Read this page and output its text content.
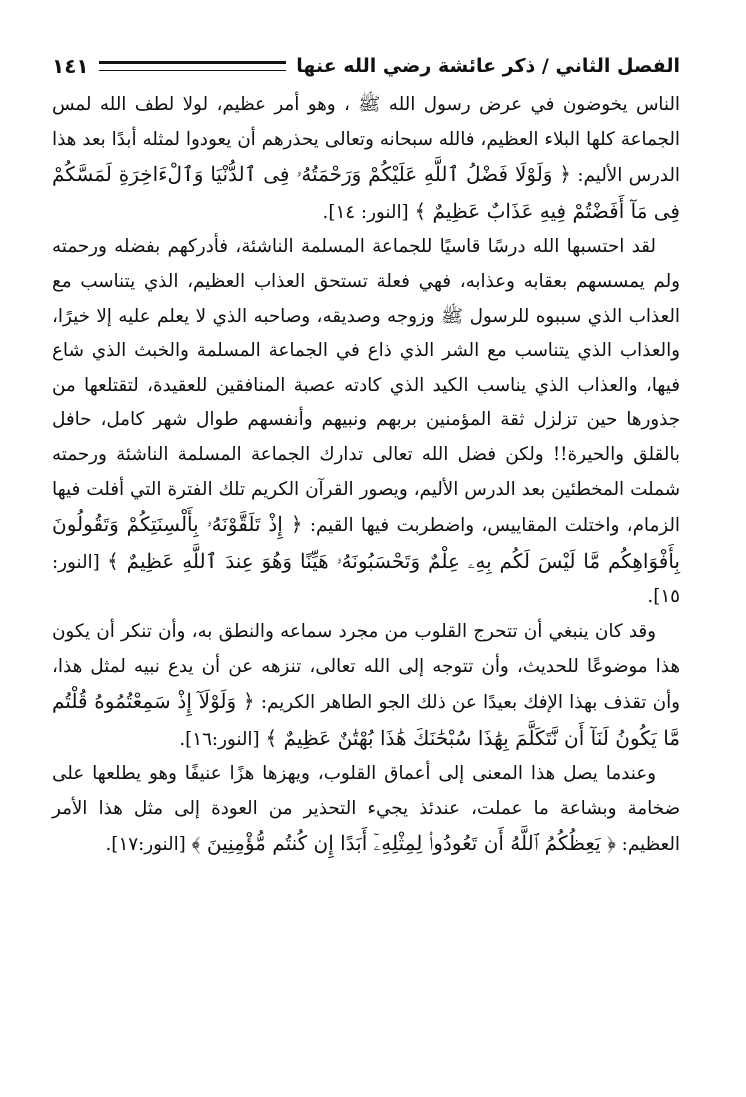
الفصل الثاني / ذكر عائشة رضي الله عنها
١٤١

الناس يخوضون في عرض رسول الله ﷺ ، وهو أمر عظيم، لولا لطف الله لمس الجماعة كلها البلاء العظيم، فالله سبحانه وتعالى يحذرهم أن يعودوا لمثله أبدًا بعد هذا الدرس الأليم: ﴿ وَلَوْلَا فَضْلُ ٱللَّهِ عَلَيْكُمْ وَرَحْمَتُهُۥ فِى ٱلدُّنْيَا وَٱلْءَاخِرَةِ لَمَسَّكُمْ فِى مَآ أَفَضْتُمْ فِيهِ عَذَابٌ عَظِيمٌ ﴾ [النور: ١٤].

لقد احتسبها الله درسًا قاسيًا للجماعة المسلمة الناشئة، فأدركهم بفضله ورحمته ولم يمسسهم بعقابه وعذابه، فهي فعلة تستحق العذاب العظيم، الذي يتناسب مع العذاب الذي سببوه للرسول ﷺ وزوجه وصديقه، وصاحبه الذي لا يعلم عليه إلا خيرًا، والعذاب الذي يتناسب مع الشر الذي ذاع في الجماعة المسلمة والخبث الذي شاع فيها، والعذاب الذي يناسب الكيد الذي كادته عصبة المنافقين للعقيدة، لتقتلعها من جذورها حين تزلزل ثقة المؤمنين بربهم ونبيهم وأنفسهم طوال شهر كامل، حافل بالقلق والحيرة!! ولكن فضل الله تعالى تدارك الجماعة المسلمة الناشئة ورحمته شملت المخطئين بعد الدرس الأليم، ويصور القرآن الكريم تلك الفترة التي أفلت فيها الزمام، واختلت المقاييس، واضطربت فيها القيم: ﴿ إِذْ تَلَقَّوْنَهُۥ بِأَلْسِنَتِكُمْ وَتَقُولُونَ بِأَفْوَاهِكُم مَّا لَيْسَ لَكُم بِهِۦ عِلْمٌ وَتَحْسَبُونَهُۥ هَيِّنًا وَهُوَ عِندَ ٱللَّهِ عَظِيمٌ ﴾ [النور: ١٥].

وقد كان ينبغي أن تتحرج القلوب من مجرد سماعه والنطق به، وأن تنكر أن يكون هذا موضوعًا للحديث، وأن تتوجه إلى الله تعالى، تنزهه عن أن يدع نبيه لمثل هذا، وأن تقذف بهذا الإفك بعيدًا عن ذلك الجو الطاهر الكريم: ﴿ وَلَوْلَآ إِذْ سَمِعْتُمُوهُ قُلْتُم مَّا يَكُونُ لَنَآ أَن نَّتَكَلَّمَ بِهَٰذَا سُبْحَٰنَكَ هَٰذَا بُهْتَٰنٌ عَظِيمٌ ﴾ [النور:١٦].

وعندما يصل هذا المعنى إلى أعماق القلوب، ويهزها هزًا عنيفًا وهو يطلعها على ضخامة وبشاعة ما عملت، عندئذ يجيء التحذير من العودة إلى مثل هذا الأمر العظيم: ﴿ يَعِظُكُمُ ٱللَّهُ أَن تَعُودُوا۟ لِمِثْلِهِۦٓ أَبَدًا إِن كُنتُم مُّؤْمِنِينَ ﴾ [النور:١٧].
